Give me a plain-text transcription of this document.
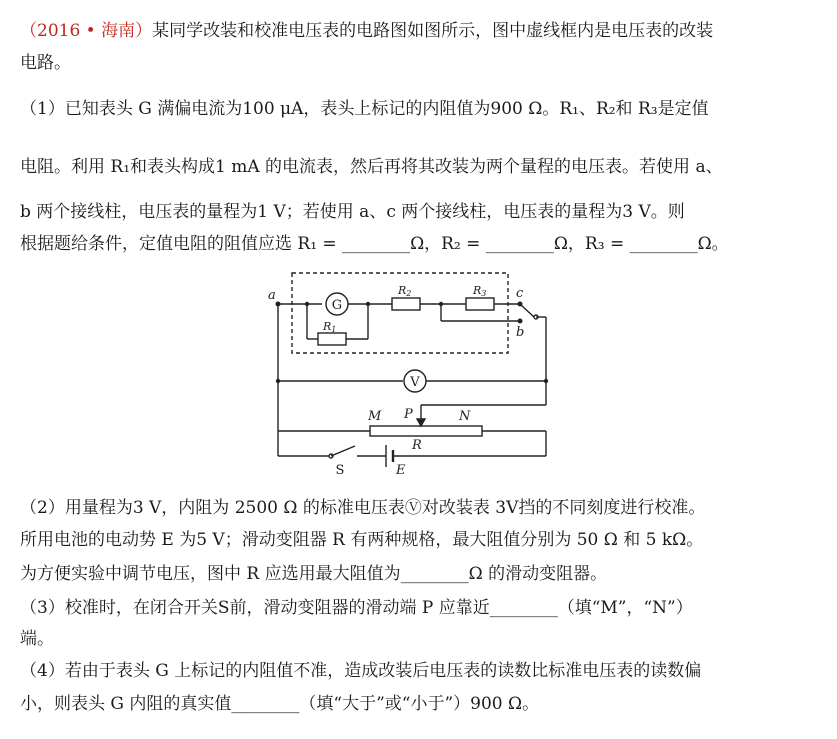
（2016 • 海南）某同学改装和校准电压表的电路图如图所示，图中虚线框内是电压表的改装
电路。
（1）已知表头 G 满偏电流为100 μA，表头上标记的内阻值为900 Ω。R₁、R₂和 R₃是定值
电阻。利用 R₁和表头构成1 mA 的电流表，然后再将其改装为两个量程的电压表。若使用 a、
b 两个接线柱，电压表的量程为1 V；若使用 a、c 两个接线柱，电压表的量程为3 V。则
根据题给条件，定值电阻的阻值应选 R₁ = ________Ω，R₂ = ________Ω，R₃ = ________Ω。
a	c
b
M P	N
R
E
R1
R2	R3
G
V
S
（2）用量程为3 V，内阻为 2500 Ω 的标准电压表Ⓥ对改装表 3V挡的不同刻度进行校准。
所用电池的电动势 E 为5 V；滑动变阻器 R 有两种规格，最大阻值分别为 50 Ω 和 5 kΩ。
为方便实验中调节电压，图中 R 应选用最大阻值为________Ω 的滑动变阻器。
（3）校准时，在闭合开关S前，滑动变阻器的滑动端 P 应靠近________（填“M”，“N”）
端。
（4）若由于表头 G 上标记的内阻值不准，造成改装后电压表的读数比标准电压表的读数偏
小，则表头 G 内阻的真实值________（填“大于”或“小于”）900 Ω。
